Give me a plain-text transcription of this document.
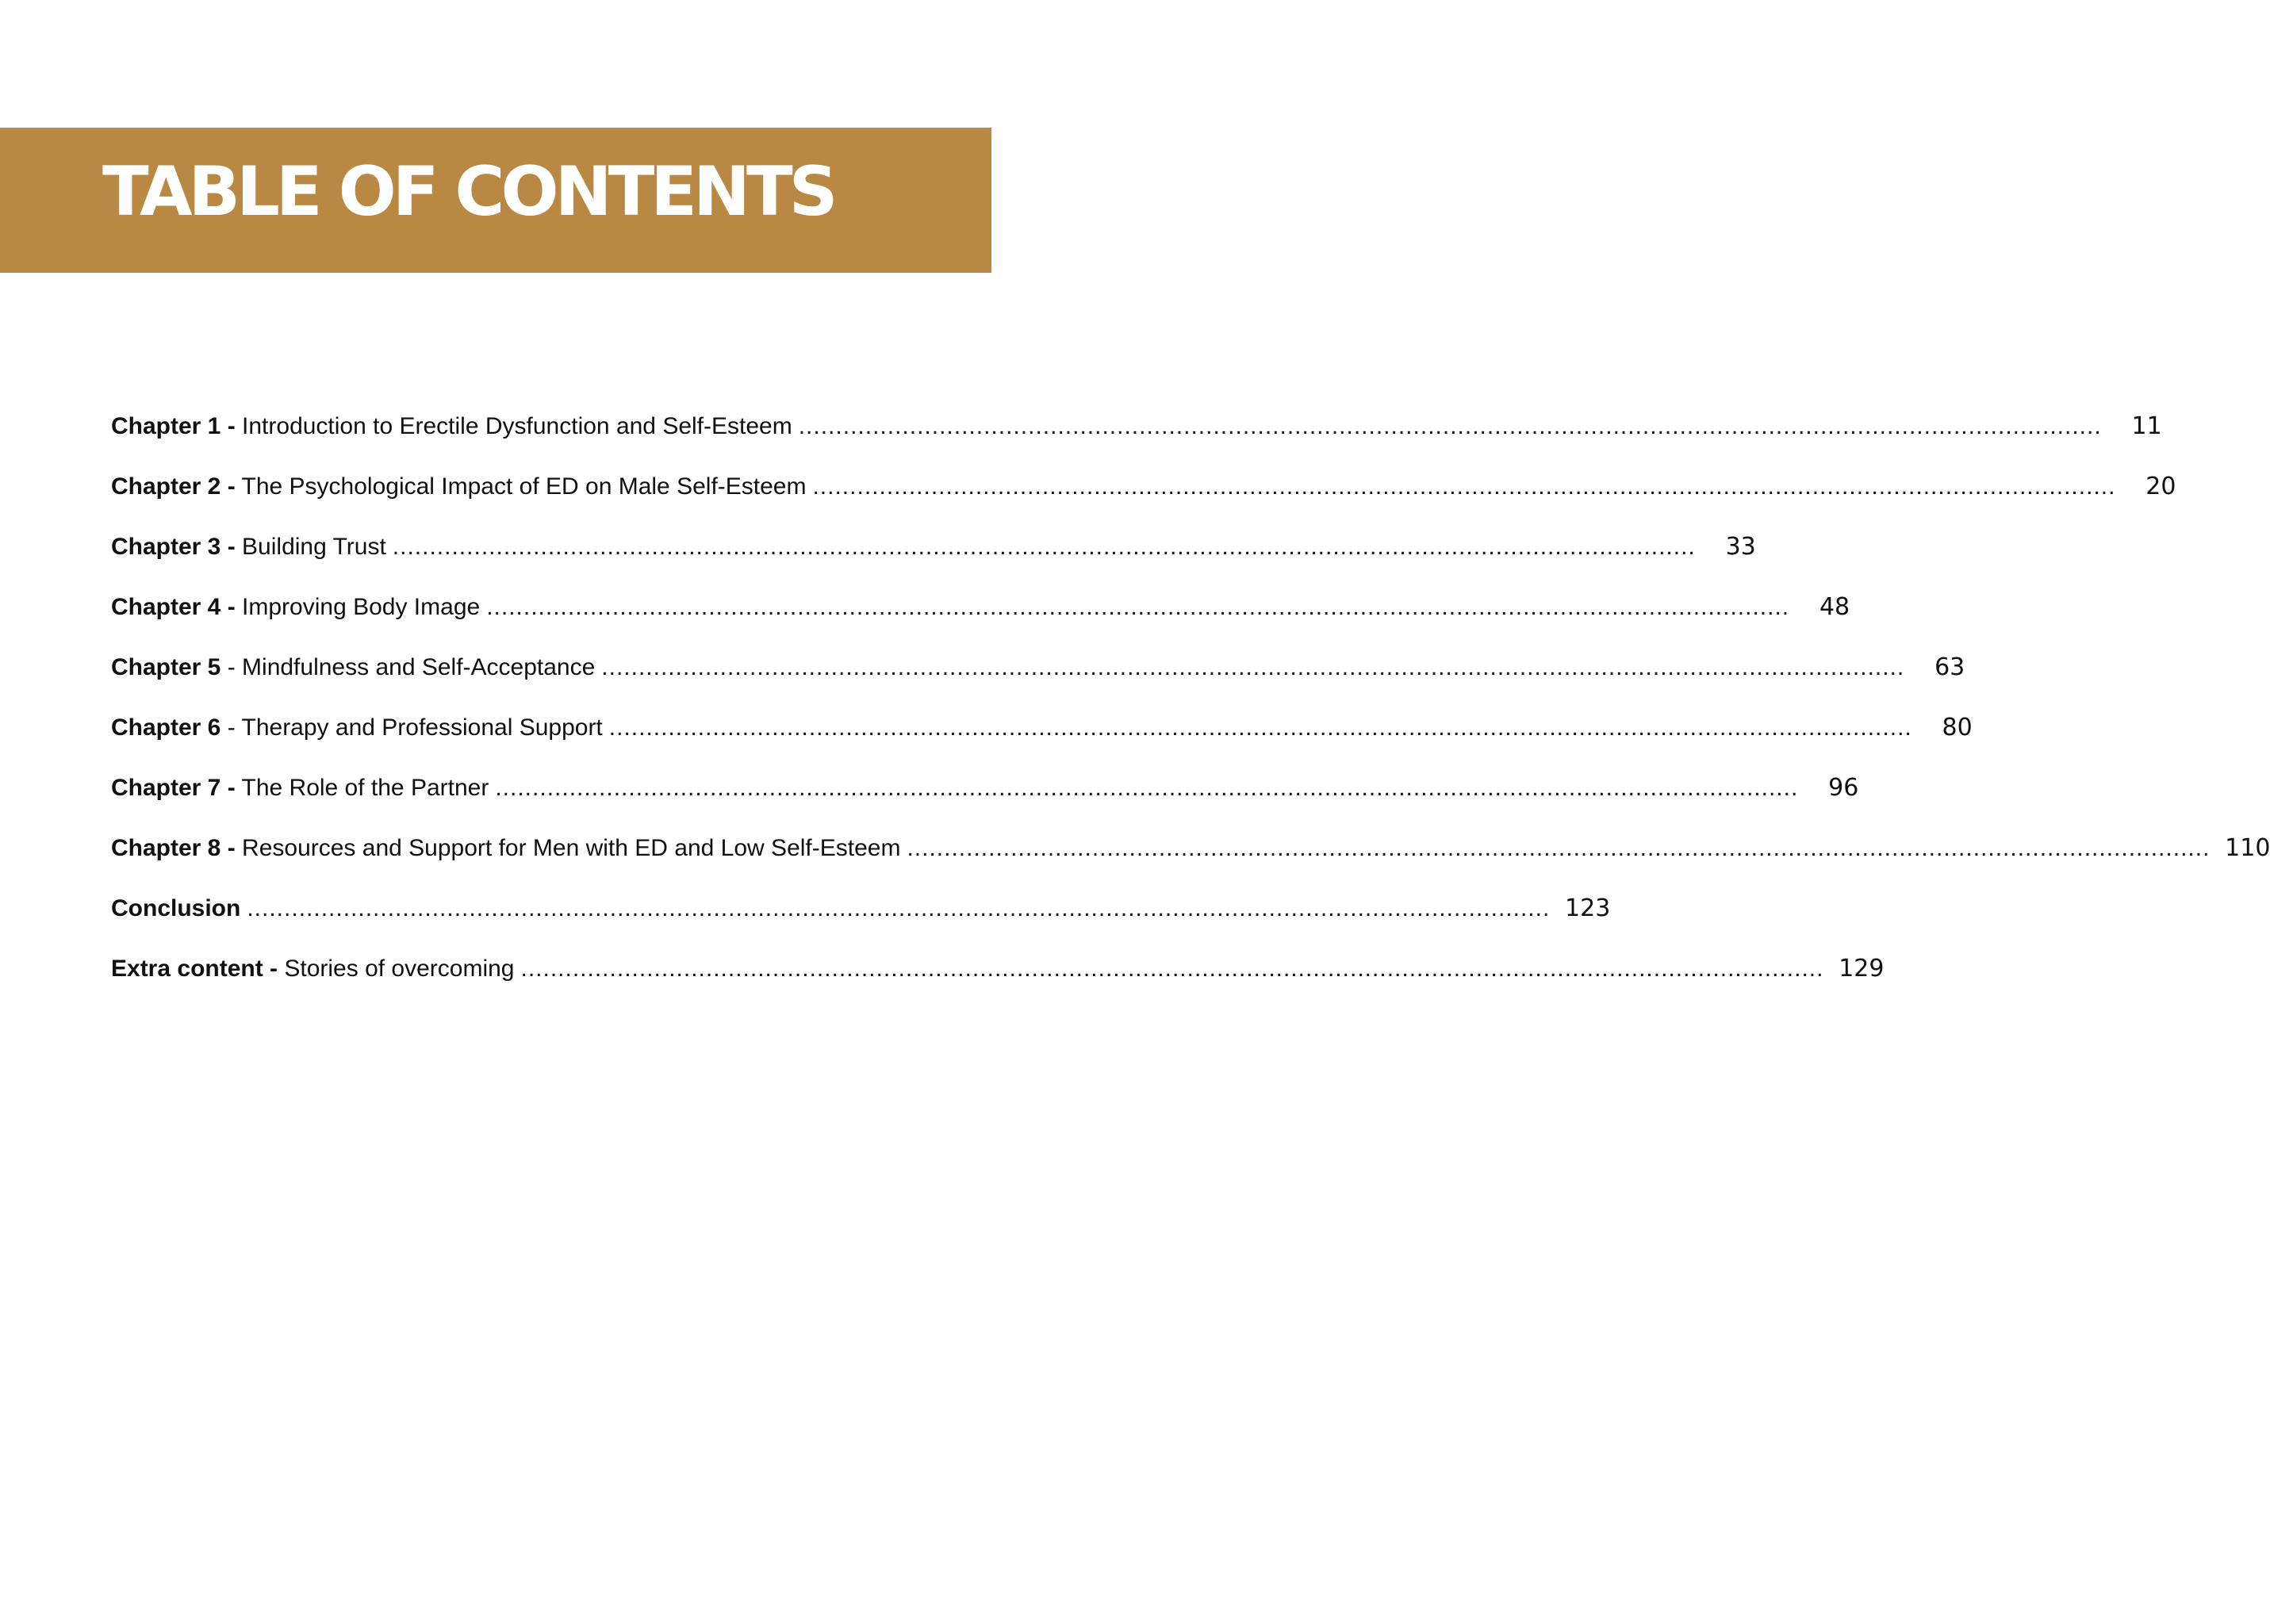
TABLE OF CONTENTS
Chapter 1 - Introduction to Erectile Dysfunction and Self-Esteem ................................................................................................................................................................................	11
Chapter 2 - The Psychological Impact of ED on Male Self-Esteem ................................................................................................................................................................................	20
Chapter 3 - Building Trust ................................................................................................................................................................................	33
Chapter 4 - Improving Body Image ................................................................................................................................................................................	48
Chapter 5 - Mindfulness and Self-Acceptance ................................................................................................................................................................................	63
Chapter 6 - Therapy and Professional Support ................................................................................................................................................................................	80
Chapter 7 - The Role of the Partner ................................................................................................................................................................................	96
Chapter 8 - Resources and Support for Men with ED and Low Self-Esteem ................................................................................................................................................................................ 110
Conclusion ................................................................................................................................................................................ 123
Extra content - Stories of overcoming ................................................................................................................................................................................ 129
